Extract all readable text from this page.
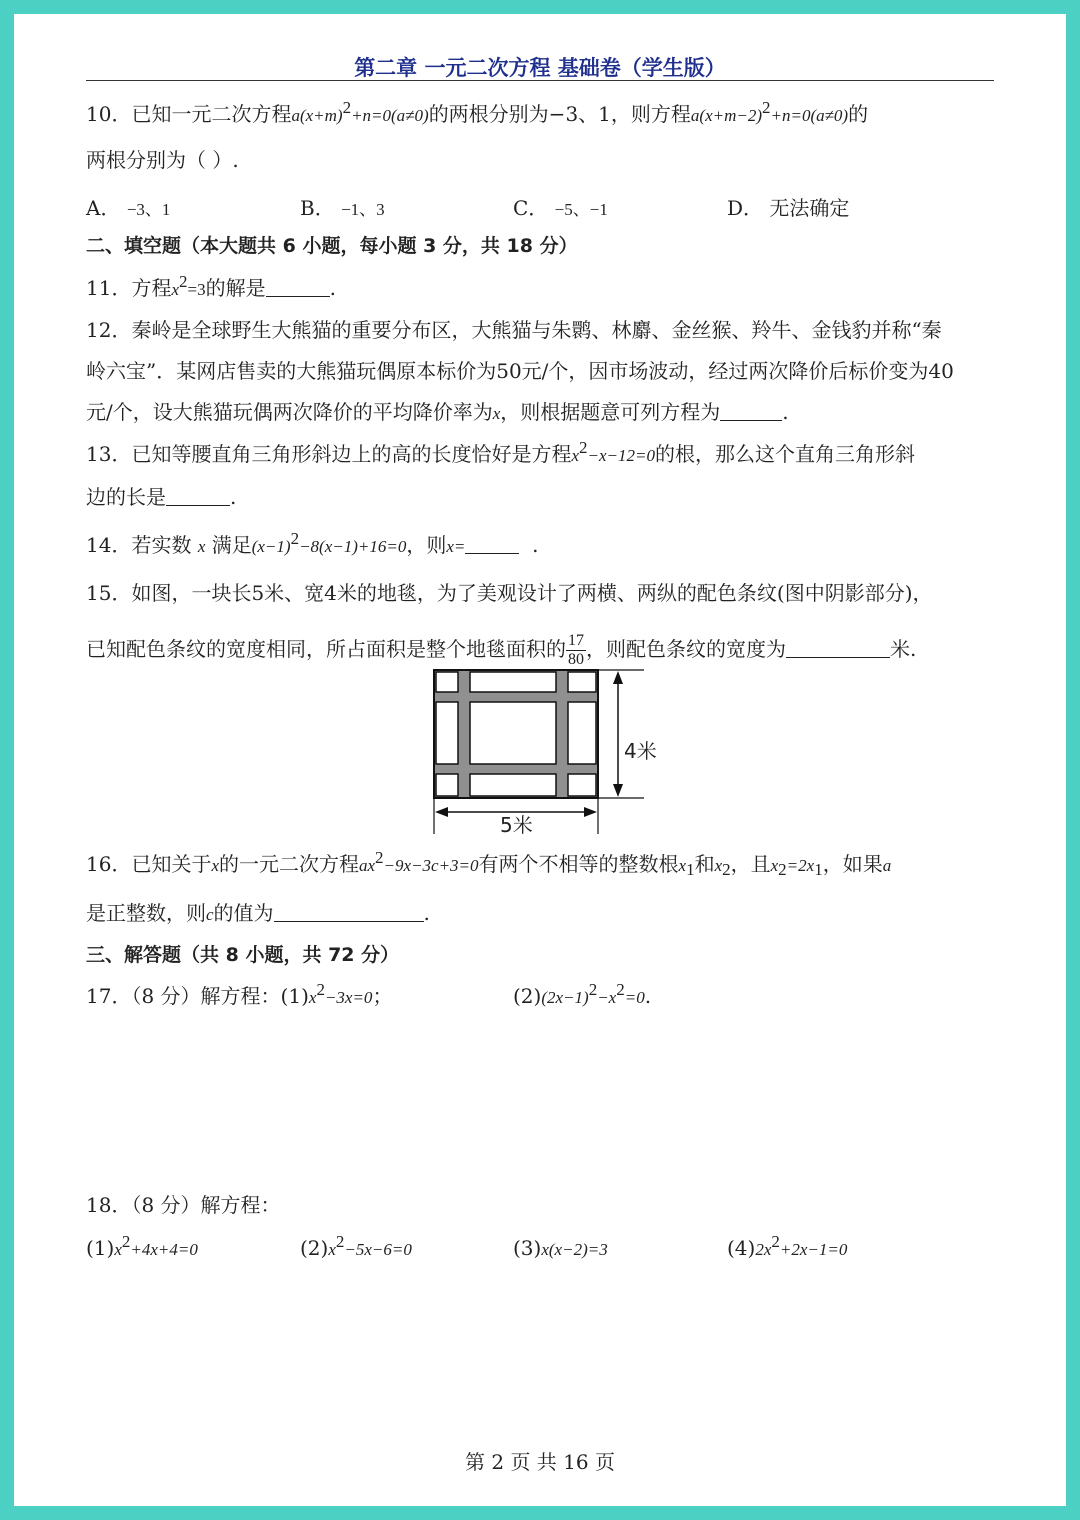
第二章 一元二次方程 基础卷（学生版）
10．已知一元二次方程$a(x+m)^2+n=0(a\ne 0)$的两根分别为−3、1，则方程$a(x+m-2)^2+n=0(a\ne 0)$的
两根分别为（ ）.
A． −3、1	B． −1、3	C． −5、−1	D． 无法确定
二、填空题（本大题共 6 小题，每小题 3 分，共 18 分）
11．方程$x^2=3$的解是	.
12．秦岭是全球野生大熊猫的重要分布区，大熊猫与朱鹮、林麝、金丝猴、羚牛、金钱豹并称“秦
岭六宝”．某网店售卖的大熊猫玩偶原本标价为50元/个，因市场波动，经过两次降价后标价变为40
元/个，设大熊猫玩偶两次降价的平均降价率为x，则根据题意可列方程为	.
13．已知等腰直角三角形斜边上的高的长度恰好是方程$x^2-x-12=0$的根，那么这个直角三角形斜
边的长是	.
14．若实数 x 满足$(x-1)^2-8(x-1)+16=0$，则x=	.
15．如图，一块长5米、宽4米的地毯，为了美观设计了两横、两纵的配色条纹(图中阴影部分)，
已知配色条纹的宽度相同，所占面积是整个地毯面积的 $\frac{17}{80}$ ，则配色条纹的宽度为	米.
4米
5米
16．已知关于x的一元二次方程$ax^2-9x-3c+3=0$有两个不相等的整数根$x_1$和$x_2$，且$x_2=2x_1$，如果a
是正整数，则c的值为	.
三、解答题（共 8 小题，共 72 分）
17．（8 分）解方程：$(1)x^2-3x=0$；	$(2)(2x-1)^2-x^2=0$.
18．（8 分）解方程：
$(1)x^2+4x+4=0$	$(2)x^2-5x-6=0$	(3)x(x−2)=3	$(4)2x^2+2x-1=0$
第 2 页 共 16 页
